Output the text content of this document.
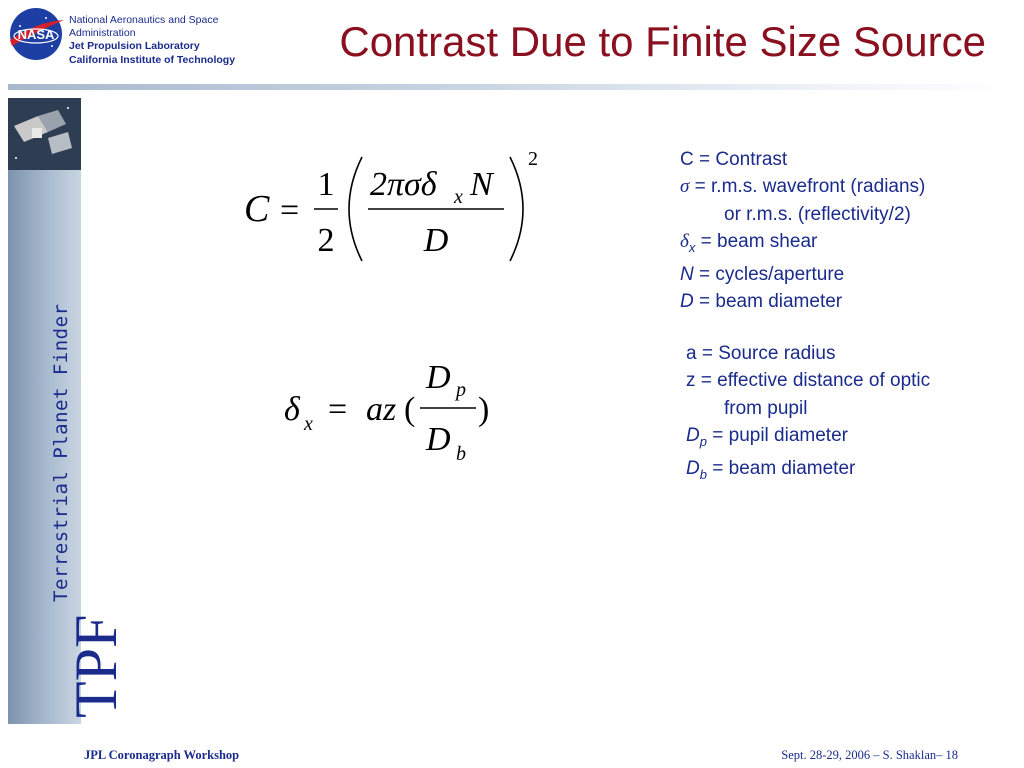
NASA
National Aeronautics and Space
Administration
Jet Propulsion Laboratory
California Institute of Technology Contrast Due to Finite Size Source
Terrestrial Planet Finder
TPF
C =
1
2
2πσδ x N
D
2
δ x = az (
D p
D b
)
C = Contrast
σ = r.m.s. wavefront (radians)
or r.m.s. (reflectivity/2)
$\delta_x$ = beam shear
N = cycles/aperture
D = beam diameter
a = Source radius
z = effective distance of optic
from pupil
$D_p$ = pupil diameter
$D_b$ = beam diameter
JPL Coronagraph Workshop	Sept. 28-29, 2006 – S. Shaklan– 18
